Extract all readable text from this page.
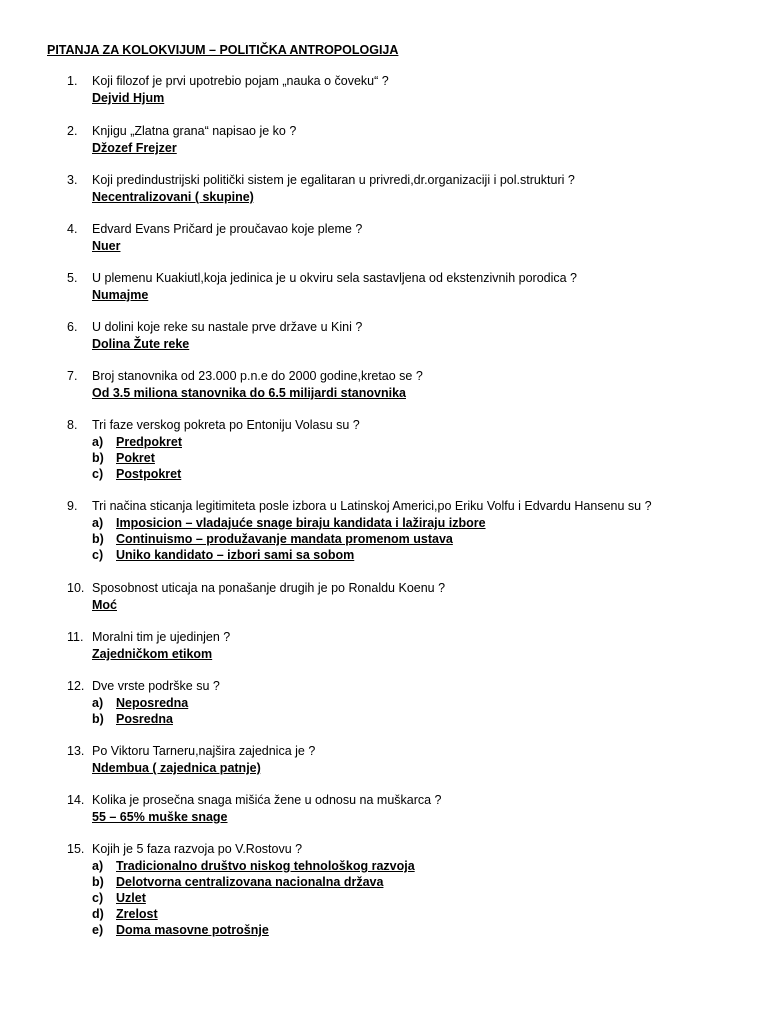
PITANJA ZA KOLOKVIJUM – POLITIČKA ANTROPOLOGIJA
1.	Koji filozof je prvi upotrebio pojam „nauka o čoveku“ ?
Dejvid Hjum
2.	Knjigu „Zlatna grana“ napisao je ko ?
Džozef Frejzer
3.	Koji predindustrijski politički sistem je egalitaran u privredi,dr.organizaciji i pol.strukturi ?
Necentralizovani ( skupine)
4.	Edvard Evans Pričard je proučavao koje pleme ?
Nuer
5.	U plemenu Kuakiutl,koja jedinica je u okviru sela sastavljena od ekstenzivnih porodica ?
Numajme
6.	U dolini koje reke su nastale prve države u Kini ?
Dolina Žute reke
7.	Broj stanovnika od 23.000 p.n.e do 2000 godine,kretao se ?
Od 3.5 miliona stanovnika do 6.5 milijardi stanovnika
8.	Tri faze verskog pokreta po Entoniju Volasu su ?
a) Predpokret
b) Pokret
c) Postpokret
9.	Tri načina sticanja legitimiteta posle izbora u Latinskoj Americi,po Eriku Volfu i Edvardu Hansenu su ?
a) Imposicion – vladajuće snage biraju kandidata i lažiraju izbore
b) Continuismo – produžavanje mandata promenom ustava
c) Uniko kandidato – izbori sami sa sobom
10. Sposobnost uticaja na ponašanje drugih je po Ronaldu Koenu ?
Moć
11. Moralni tim je ujedinjen ?
Zajedničkom etikom
12. Dve vrste podrške su ?
a) Neposredna
b) Posredna
13. Po Viktoru Tarneru,najšira zajednica je ?
Ndembua ( zajednica patnje)
14. Kolika je prosečna snaga mišića žene u odnosu na muškarca ?
55 – 65% muške snage
15. Kojih je 5 faza razvoja po V.Rostovu ?
a) Tradicionalno društvo niskog tehnološkog razvoja
b) Delotvorna centralizovana nacionalna država
c) Uzlet
d) Zrelost
e) Doma masovne potrošnje
